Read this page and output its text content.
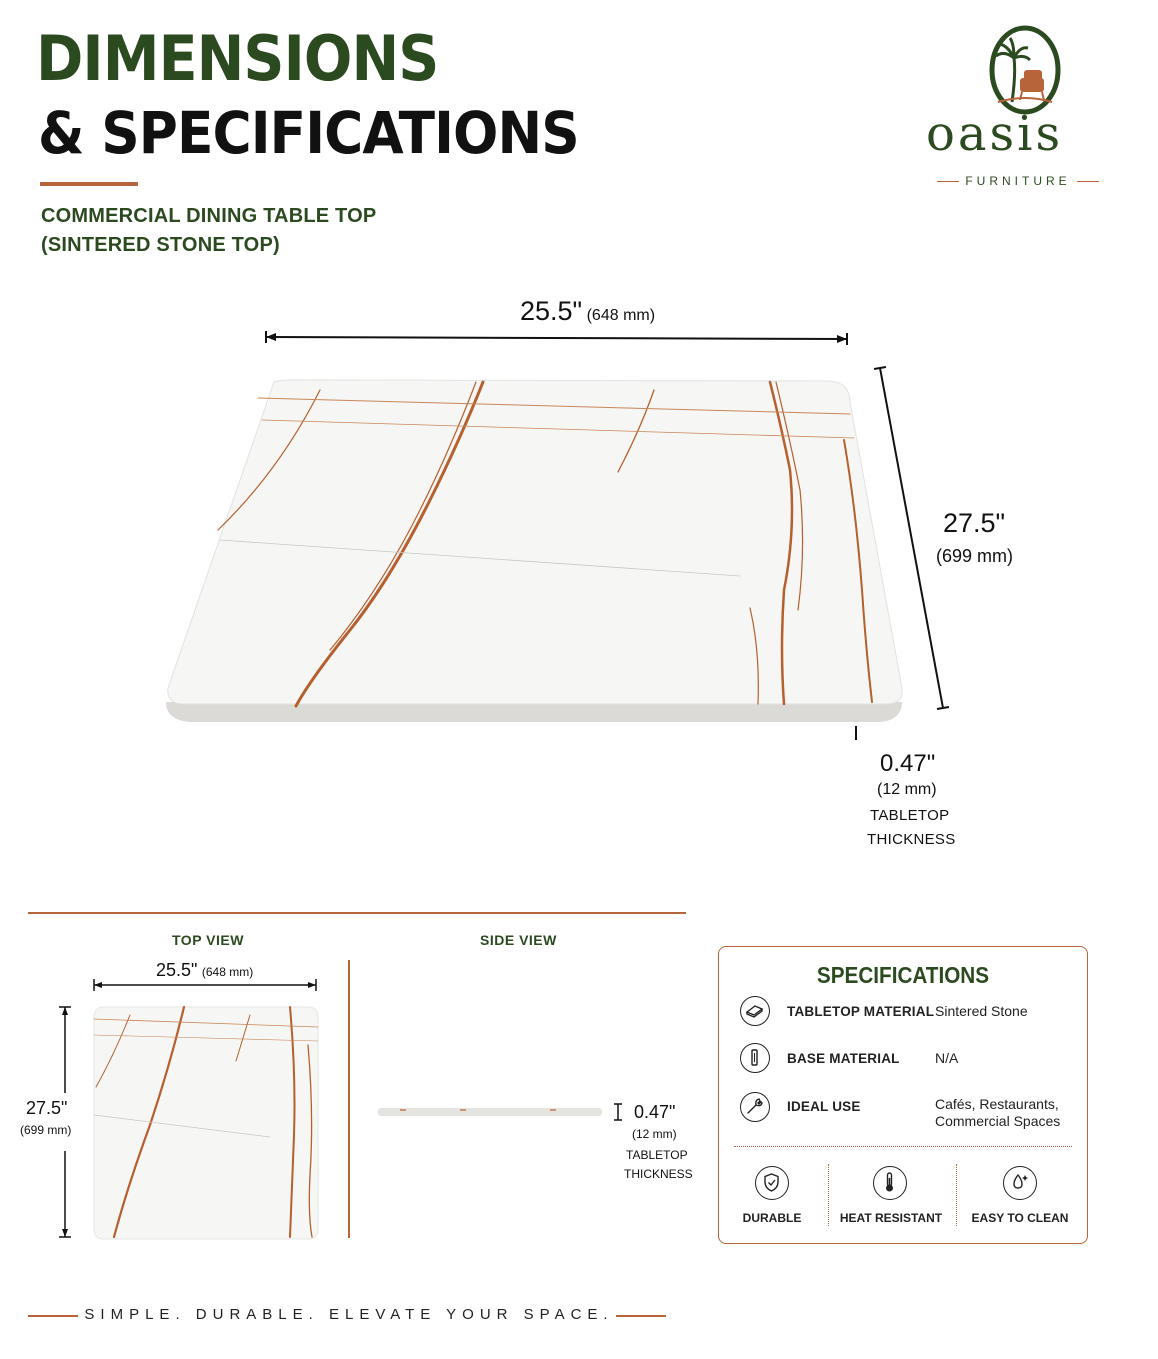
DIMENSIONS
& SPECIFICATIONS
COMMERCIAL DINING TABLE TOP
(SINTERED STONE TOP)
oasis
FURNITURE
25.5" (648 mm)
27.5"
(699 mm)
0.47"
(12 mm)
TABLETOP
THICKNESS
TOP VIEW
25.5" (648 mm)
27.5"
(699 mm)
SIDE VIEW
0.47"
(12 mm)
TABLETOP
THICKNESS
SPECIFICATIONS
TABLETOP MATERIAL Sintered Stone
BASE MATERIAL	N/A
IDEAL USE	Cafés, Restaurants,
Commercial Spaces
DURABLE	HEAT RESISTANT	EASY TO CLEAN
SIMPLE. DURABLE. ELEVATE YOUR SPACE.
